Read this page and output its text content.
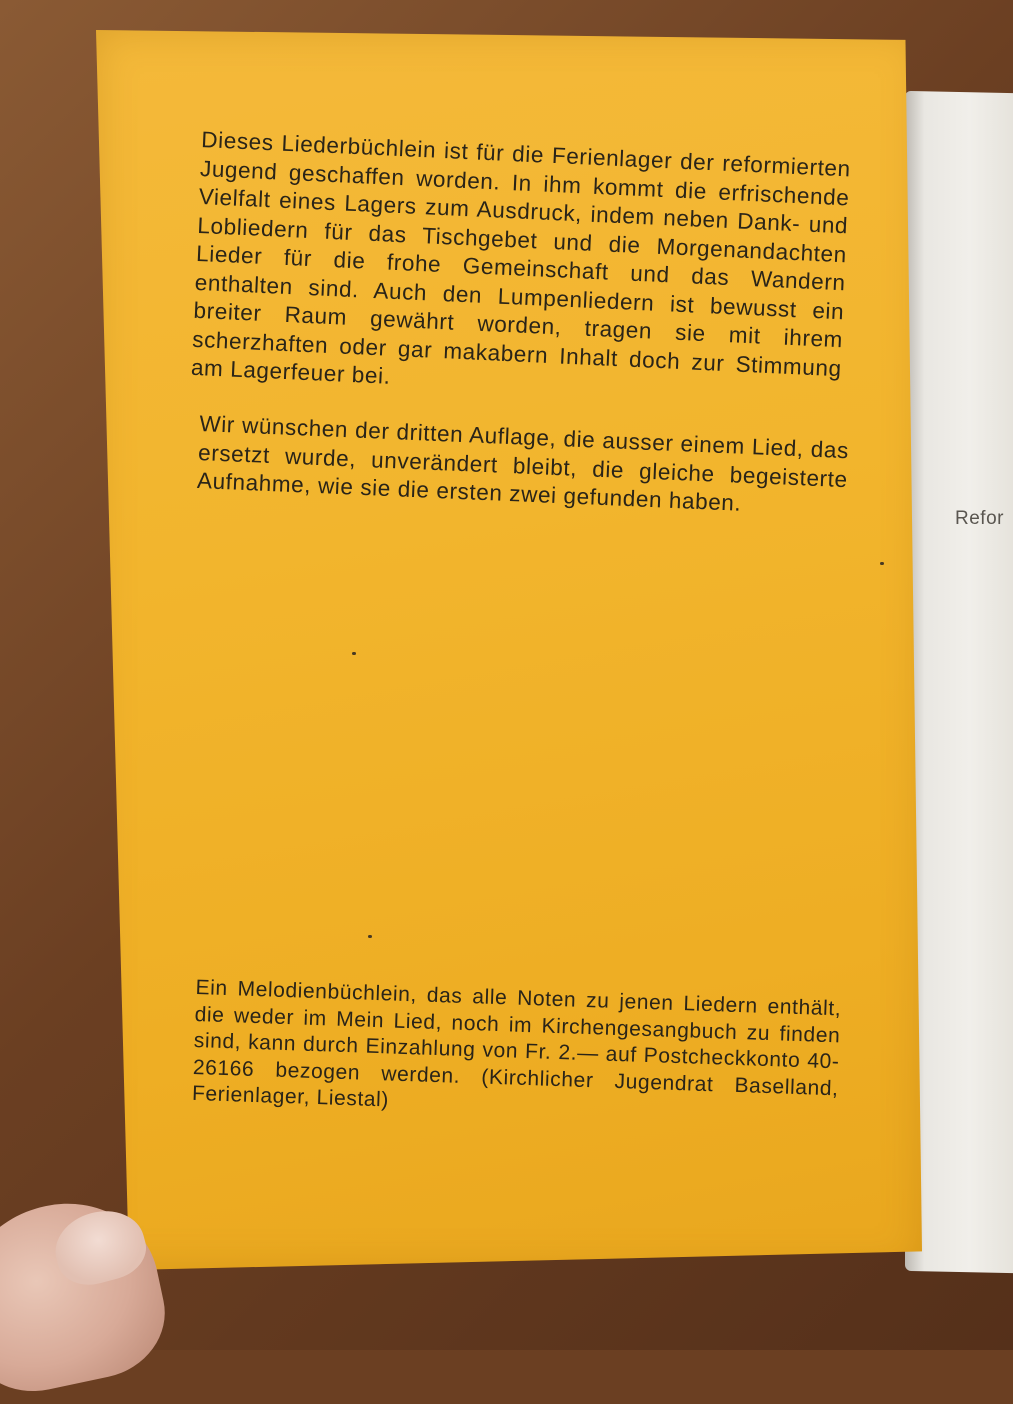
Refor

Dieses Liederbüchlein ist für die Ferienlager der reformierten Jugend geschaffen worden. In ihm kommt die erfrischende Vielfalt eines Lagers zum Ausdruck, indem neben Dank- und Lobliedern für das Tischgebet und die Morgenandachten Lieder für die frohe Gemeinschaft und das Wandern enthalten sind. Auch den Lumpenliedern ist bewusst ein breiter Raum gewährt worden, tragen sie mit ihrem scherzhaften oder gar makabern Inhalt doch zur Stimmung am Lagerfeuer bei.

Wir wünschen der dritten Auflage, die ausser einem Lied, das ersetzt wurde, unverändert bleibt, die gleiche begeisterte Aufnahme, wie sie die ersten zwei gefunden haben.

Ein Melodienbüchlein, das alle Noten zu jenen Liedern enthält, die weder im Mein Lied, noch im Kirchengesangbuch zu finden sind, kann durch Einzahlung von Fr. 2.— auf Postcheckkonto 40-26166 bezogen werden. (Kirchlicher Jugendrat Baselland, Ferienlager, Liestal)
